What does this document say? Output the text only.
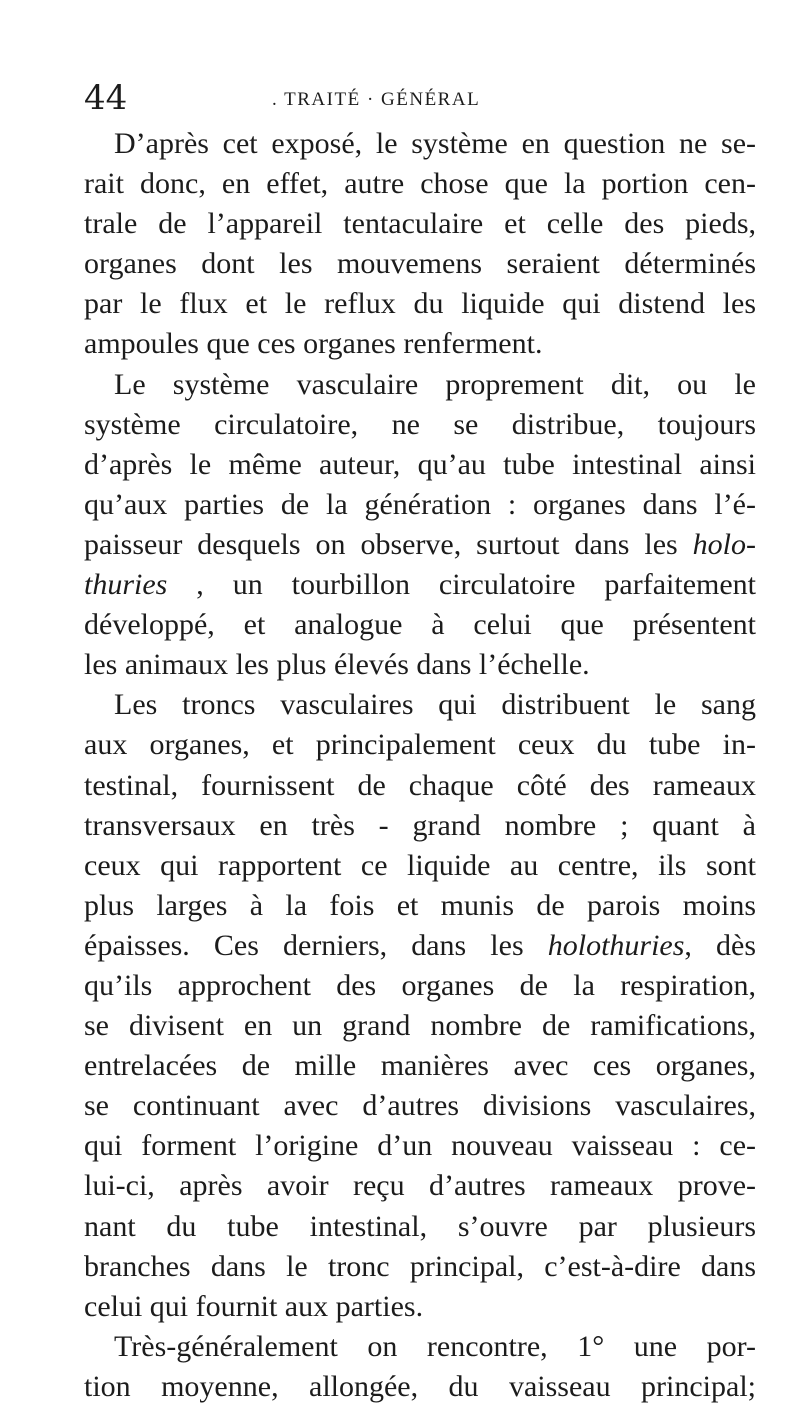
44	. TRAITÉ · GÉNÉRAL
D’après cet exposé, le système en question ne se-
rait donc, en effet, autre chose que la portion cen-
trale de l’appareil tentaculaire et celle des pieds,
organes dont les mouvemens seraient déterminés
par le flux et le reflux du liquide qui distend les
ampoules que ces organes renferment.
Le système vasculaire proprement dit, ou le
système circulatoire, ne se distribue, toujours
d’après le même auteur, qu’au tube intestinal ainsi
qu’aux parties de la génération : organes dans l’é-
paisseur desquels on observe, surtout dans les holo-
thuries , un tourbillon circulatoire parfaitement
développé, et analogue à celui que présentent
les animaux les plus élevés dans l’échelle.
Les troncs vasculaires qui distribuent le sang
aux organes, et principalement ceux du tube in-
testinal, fournissent de chaque côté des rameaux
transversaux en très - grand nombre ; quant à
ceux qui rapportent ce liquide au centre, ils sont
plus larges à la fois et munis de parois moins
épaisses. Ces derniers, dans les holothuries, dès
qu’ils approchent des organes de la respiration,
se divisent en un grand nombre de ramifications,
entrelacées de mille manières avec ces organes,
se continuant avec d’autres divisions vasculaires,
qui forment l’origine d’un nouveau vaisseau : ce-
lui-ci, après avoir reçu d’autres rameaux prove-
nant du tube intestinal, s’ouvre par plusieurs
branches dans le tronc principal, c’est-à-dire dans
celui qui fournit aux parties.
Très-généralement on rencontre, 1° une por-
tion moyenne, allongée, du vaisseau principal;
